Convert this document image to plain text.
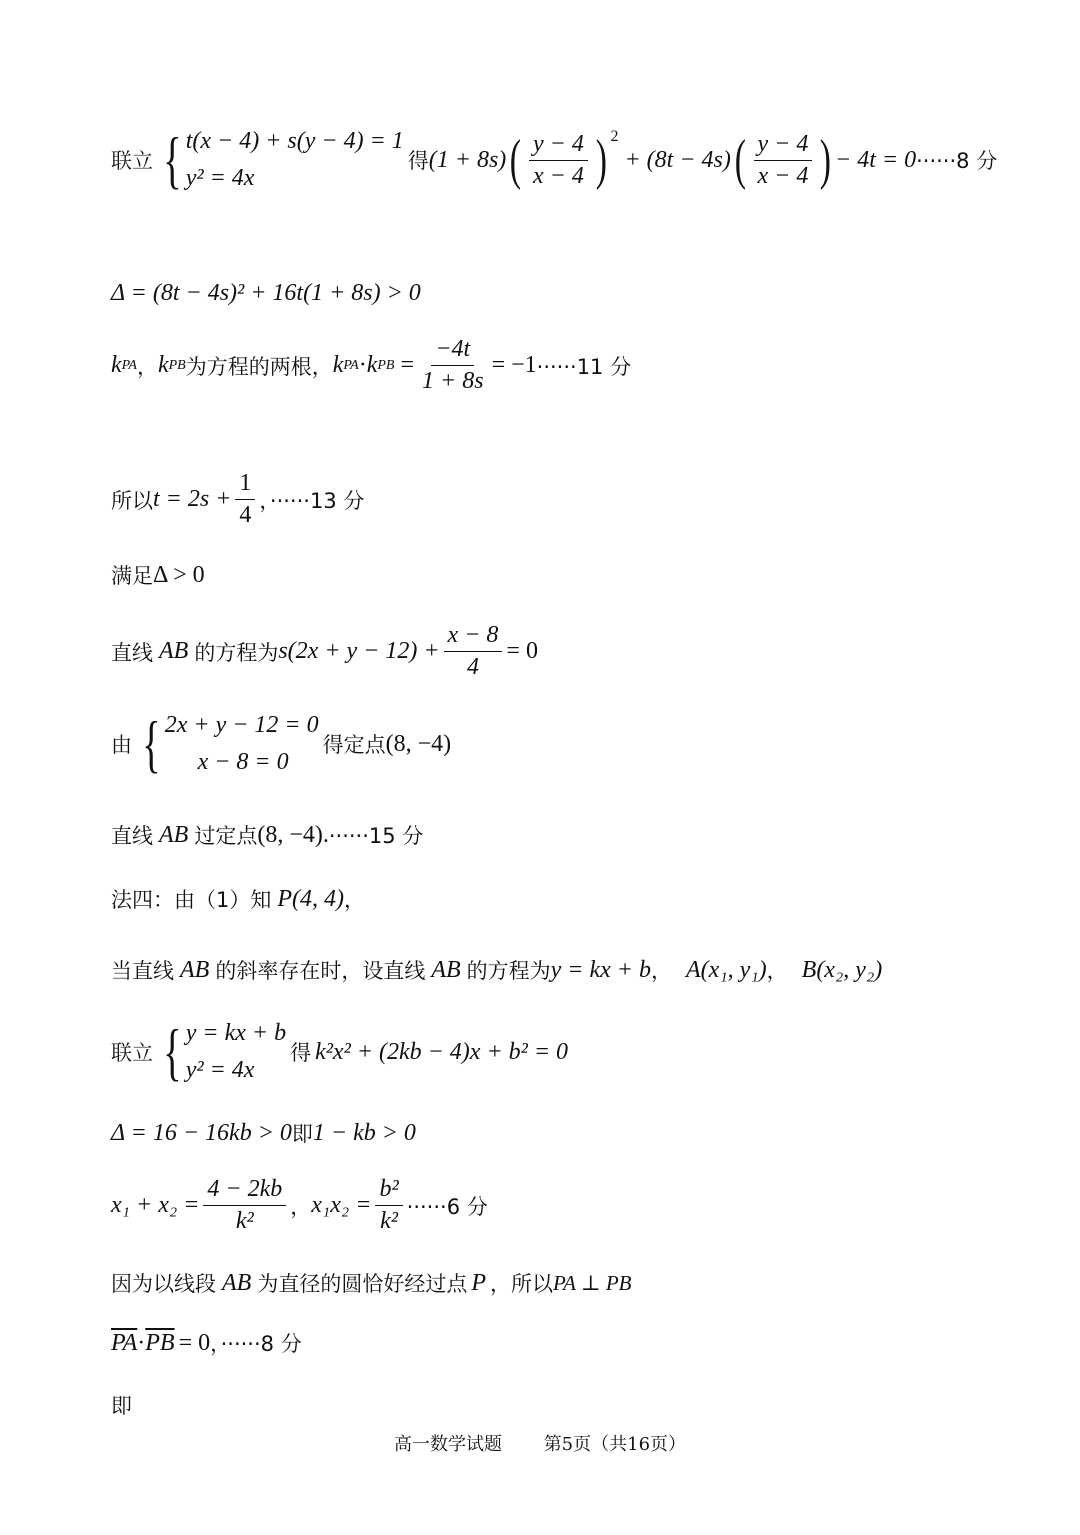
联立 { t(x − 4) + s(y − 4) = 1
y² = 4x
得 (1 + 8s) ( $\frac{y - 4}{x - 4} )^2$
+ (8t − 4s) ( $\frac{y - 4}{x - 4}$ ) − 4t = 0 ······8 分
Δ = (8t − 4s)² + 16t(1 + 8s) > 0
k PA ， k PB 为方程的两根， k PA · k PB = $\frac{-4t}{1 + 8s} = -1 \cdot\cdot\cdot\cdot\cdot\cdot 11$ 分
所以 $t = 2s + \frac{1}{4}$ ，······13 分
满足 Δ > 0
直线 AB 的方程为 $s(2x + y - 12) + \frac{x - 8}{4} = 0$
由 { 2x + y − 12 = 0
x − 8 = 0
得定点 (8, −4)
直线 AB 过定点 (8, −4). ······15 分
法四：由（1）知 P(4, 4) ，
当直线 AB 的斜率存在时，设直线 AB 的方程为 y = kx + b ， A(x₁, y₁) ， B(x₂, y₂)
联立 { y = kx + b
y² = 4x
得 k²x² + (2kb − 4)x + b² = 0
Δ = 16 − 16kb > 0 即 1 − kb > 0
$x_1 + x_2 = \frac{4 - 2kb}{\text{k²}}$ ， $x_1x_2 = \frac{\text{b²}}{\text{k²}} \cdot\cdot\cdot\cdot\cdot\cdot 6$ 分
因为以线段 AB 为直径的圆恰好经过点 P ，所以 PA ⊥ PB
$\overline{PA} \cdot \overline{PB} = 0$ ，······8 分
即
高一数学试题 第5页（共16页）
